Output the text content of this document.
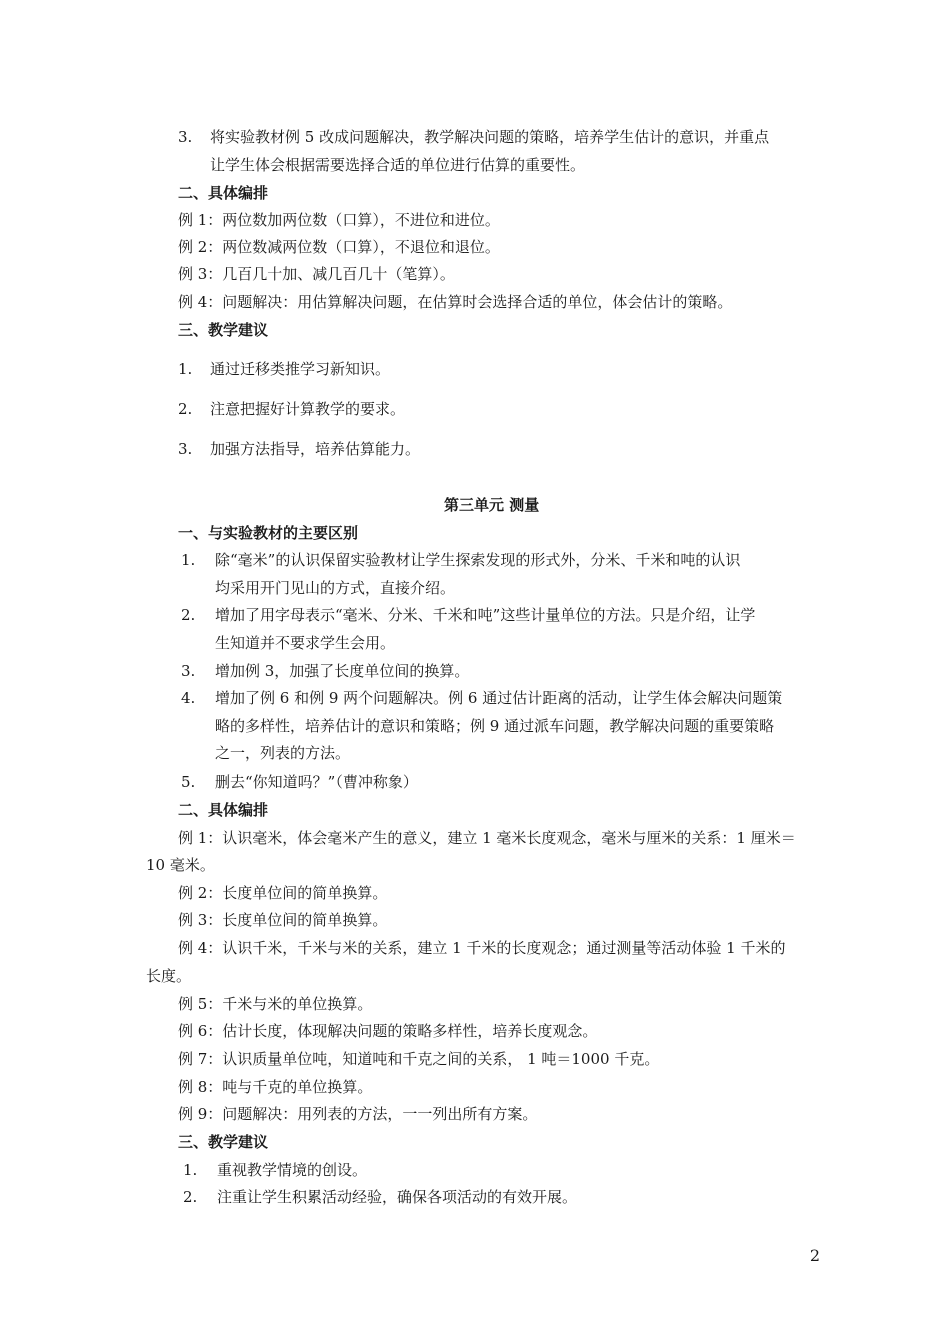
3. 将实验教材例 5 改成问题解决，教学解决问题的策略，培养学生估计的意识，并重点
让学生体会根据需要选择合适的单位进行估算的重要性。
二、具体编排
例 1：两位数加两位数（口算），不进位和进位。
例 2：两位数减两位数（口算），不退位和退位。
例 3：几百几十加、减几百几十（笔算）。
例 4：问题解决：用估算解决问题，在估算时会选择合适的单位，体会估计的策略。
三、教学建议
1. 通过迁移类推学习新知识。
2. 注意把握好计算教学的要求。
3. 加强方法指导，培养估算能力。
第三单元 测量
一、与实验教材的主要区别
1. 除“毫米”的认识保留实验教材让学生探索发现的形式外，分米、千米和吨的认识
均采用开门见山的方式，直接介绍。
2. 增加了用字母表示“毫米、分米、千米和吨”这些计量单位的方法。只是介绍，让学
生知道并不要求学生会用。
3. 增加例 3，加强了长度单位间的换算。
4. 增加了例 6 和例 9 两个问题解决。例 6 通过估计距离的活动，让学生体会解决问题策
略的多样性，培养估计的意识和策略；例 9 通过派车问题，教学解决问题的重要策略
之一，列表的方法。
5. 删去“你知道吗？”（曹冲称象）
二、具体编排
例 1：认识毫米，体会毫米产生的意义，建立 1 毫米长度观念，毫米与厘米的关系：1 厘米＝
10 毫米。
例 2：长度单位间的简单换算。
例 3：长度单位间的简单换算。
例 4：认识千米，千米与米的关系，建立 1 千米的长度观念；通过测量等活动体验 1 千米的
长度。
例 5：千米与米的单位换算。
例 6：估计长度，体现解决问题的策略多样性，培养长度观念。
例 7：认识质量单位吨，知道吨和千克之间的关系， 1 吨＝1000 千克。
例 8：吨与千克的单位换算。
例 9：问题解决：用列表的方法，一一列出所有方案。
三、教学建议
1. 重视教学情境的创设。
2. 注重让学生积累活动经验，确保各项活动的有效开展。
2
